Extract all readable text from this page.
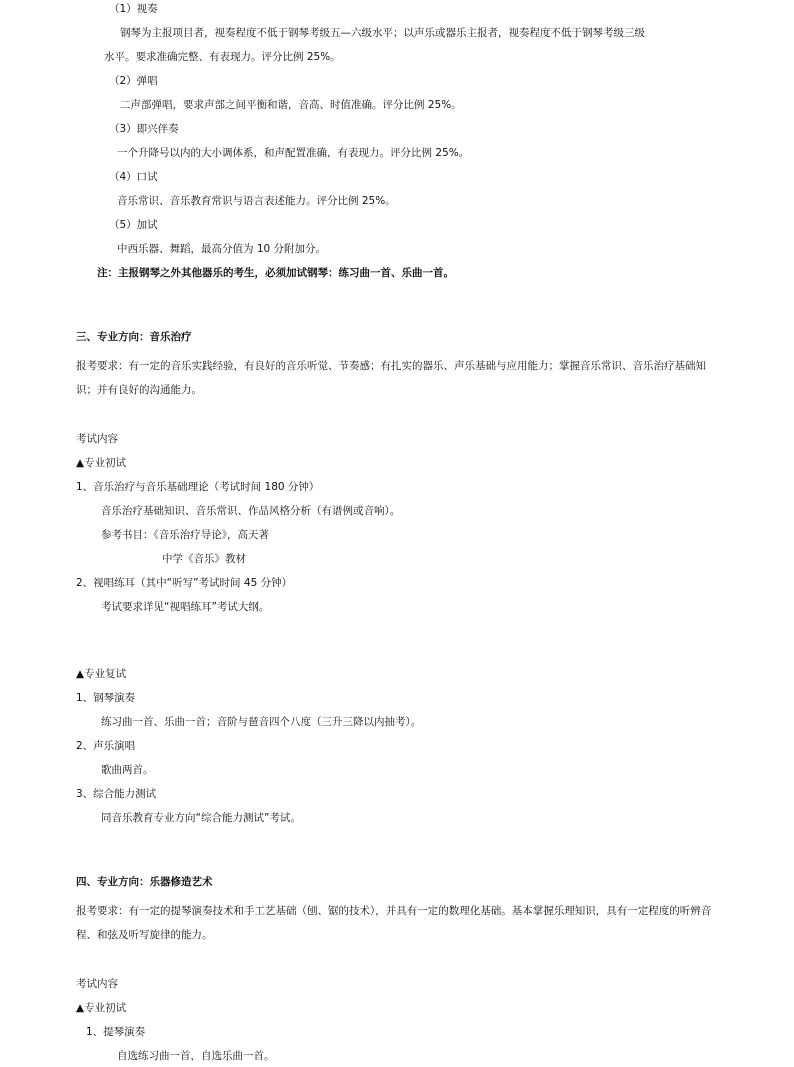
（1）视奏
钢琴为主报项目者，视奏程度不低于钢琴考级五—六级水平；以声乐或器乐主报者，视奏程度不低于钢琴考级三级
水平。要求准确完整、有表现力。评分比例 25%。
（2）弹唱
二声部弹唱，要求声部之间平衡和谐，音高、时值准确。评分比例 25%。
（3）即兴伴奏
一个升降号以内的大小调体系，和声配置准确，有表现力。评分比例 25%。
（4）口试
音乐常识、音乐教育常识与语言表述能力。评分比例 25%。
（5）加试
中西乐器、舞蹈，最高分值为 10 分附加分。
注：主报钢琴之外其他器乐的考生，必须加试钢琴：练习曲一首、乐曲一首。
三、专业方向：音乐治疗
报考要求：有一定的音乐实践经验，有良好的音乐听觉、节奏感；有扎实的器乐、声乐基础与应用能力；掌握音乐常识、音乐治疗基础知识；并有良好的沟通能力。
考试内容
▲专业初试
1、音乐治疗与音乐基础理论（考试时间 180 分钟）
音乐治疗基础知识、音乐常识、作品风格分析（有谱例或音响）。
参考书目：《音乐治疗导论》，高天著
中学《音乐》教材
2、视唱练耳（其中“听写”考试时间 45 分钟）
考试要求详见“视唱练耳”考试大纲。
▲专业复试
1、钢琴演奏
练习曲一首、乐曲一首；音阶与琶音四个八度（三升三降以内抽考）。
2、声乐演唱
歌曲两首。
3、综合能力测试
同音乐教育专业方向“综合能力测试”考试。
四、专业方向：乐器修造艺术
报考要求：有一定的提琴演奏技术和手工艺基础（刨、锯的技术），并具有一定的数理化基础。基本掌握乐理知识，具有一定程度的听辨音程、和弦及听写旋律的能力。
考试内容
▲专业初试
1、提琴演奏
自选练习曲一首，自选乐曲一首。
